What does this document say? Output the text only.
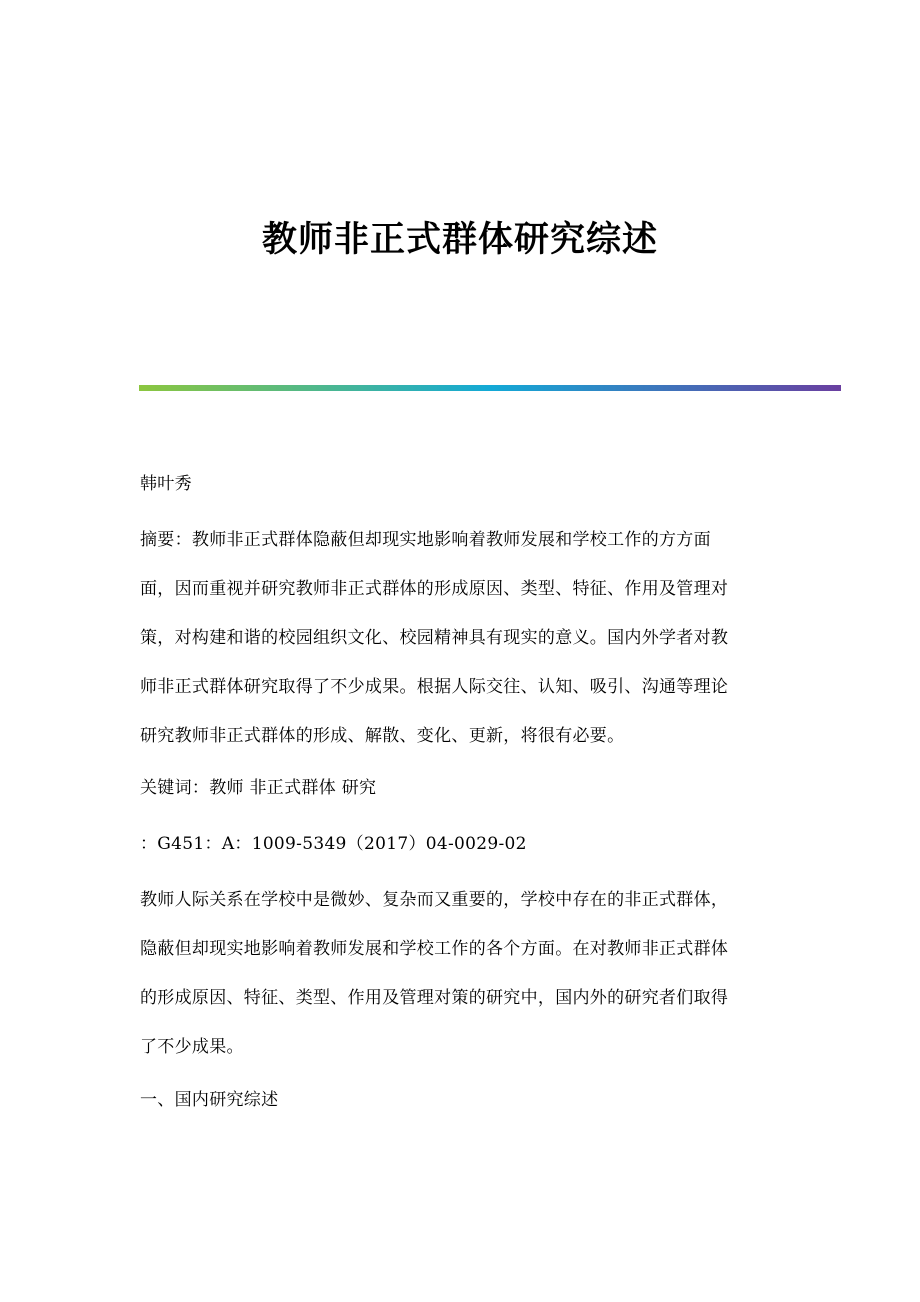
教师非正式群体研究综述
韩叶秀
摘要：教师非正式群体隐蔽但却现实地影响着教师发展和学校工作的方方面
面，因而重视并研究教师非正式群体的形成原因、类型、特征、作用及管理对
策，对构建和谐的校园组织文化、校园精神具有现实的意义。国内外学者对教
师非正式群体研究取得了不少成果。根据人际交往、认知、吸引、沟通等理论
研究教师非正式群体的形成、解散、变化、更新，将很有必要。
关键词：教师 非正式群体 研究
：G451：A：1009-5349（2017）04-0029-02
教师人际关系在学校中是微妙、复杂而又重要的，学校中存在的非正式群体，
隐蔽但却现实地影响着教师发展和学校工作的各个方面。在对教师非正式群体
的形成原因、特征、类型、作用及管理对策的研究中，国内外的研究者们取得
了不少成果。
一、国内研究综述
